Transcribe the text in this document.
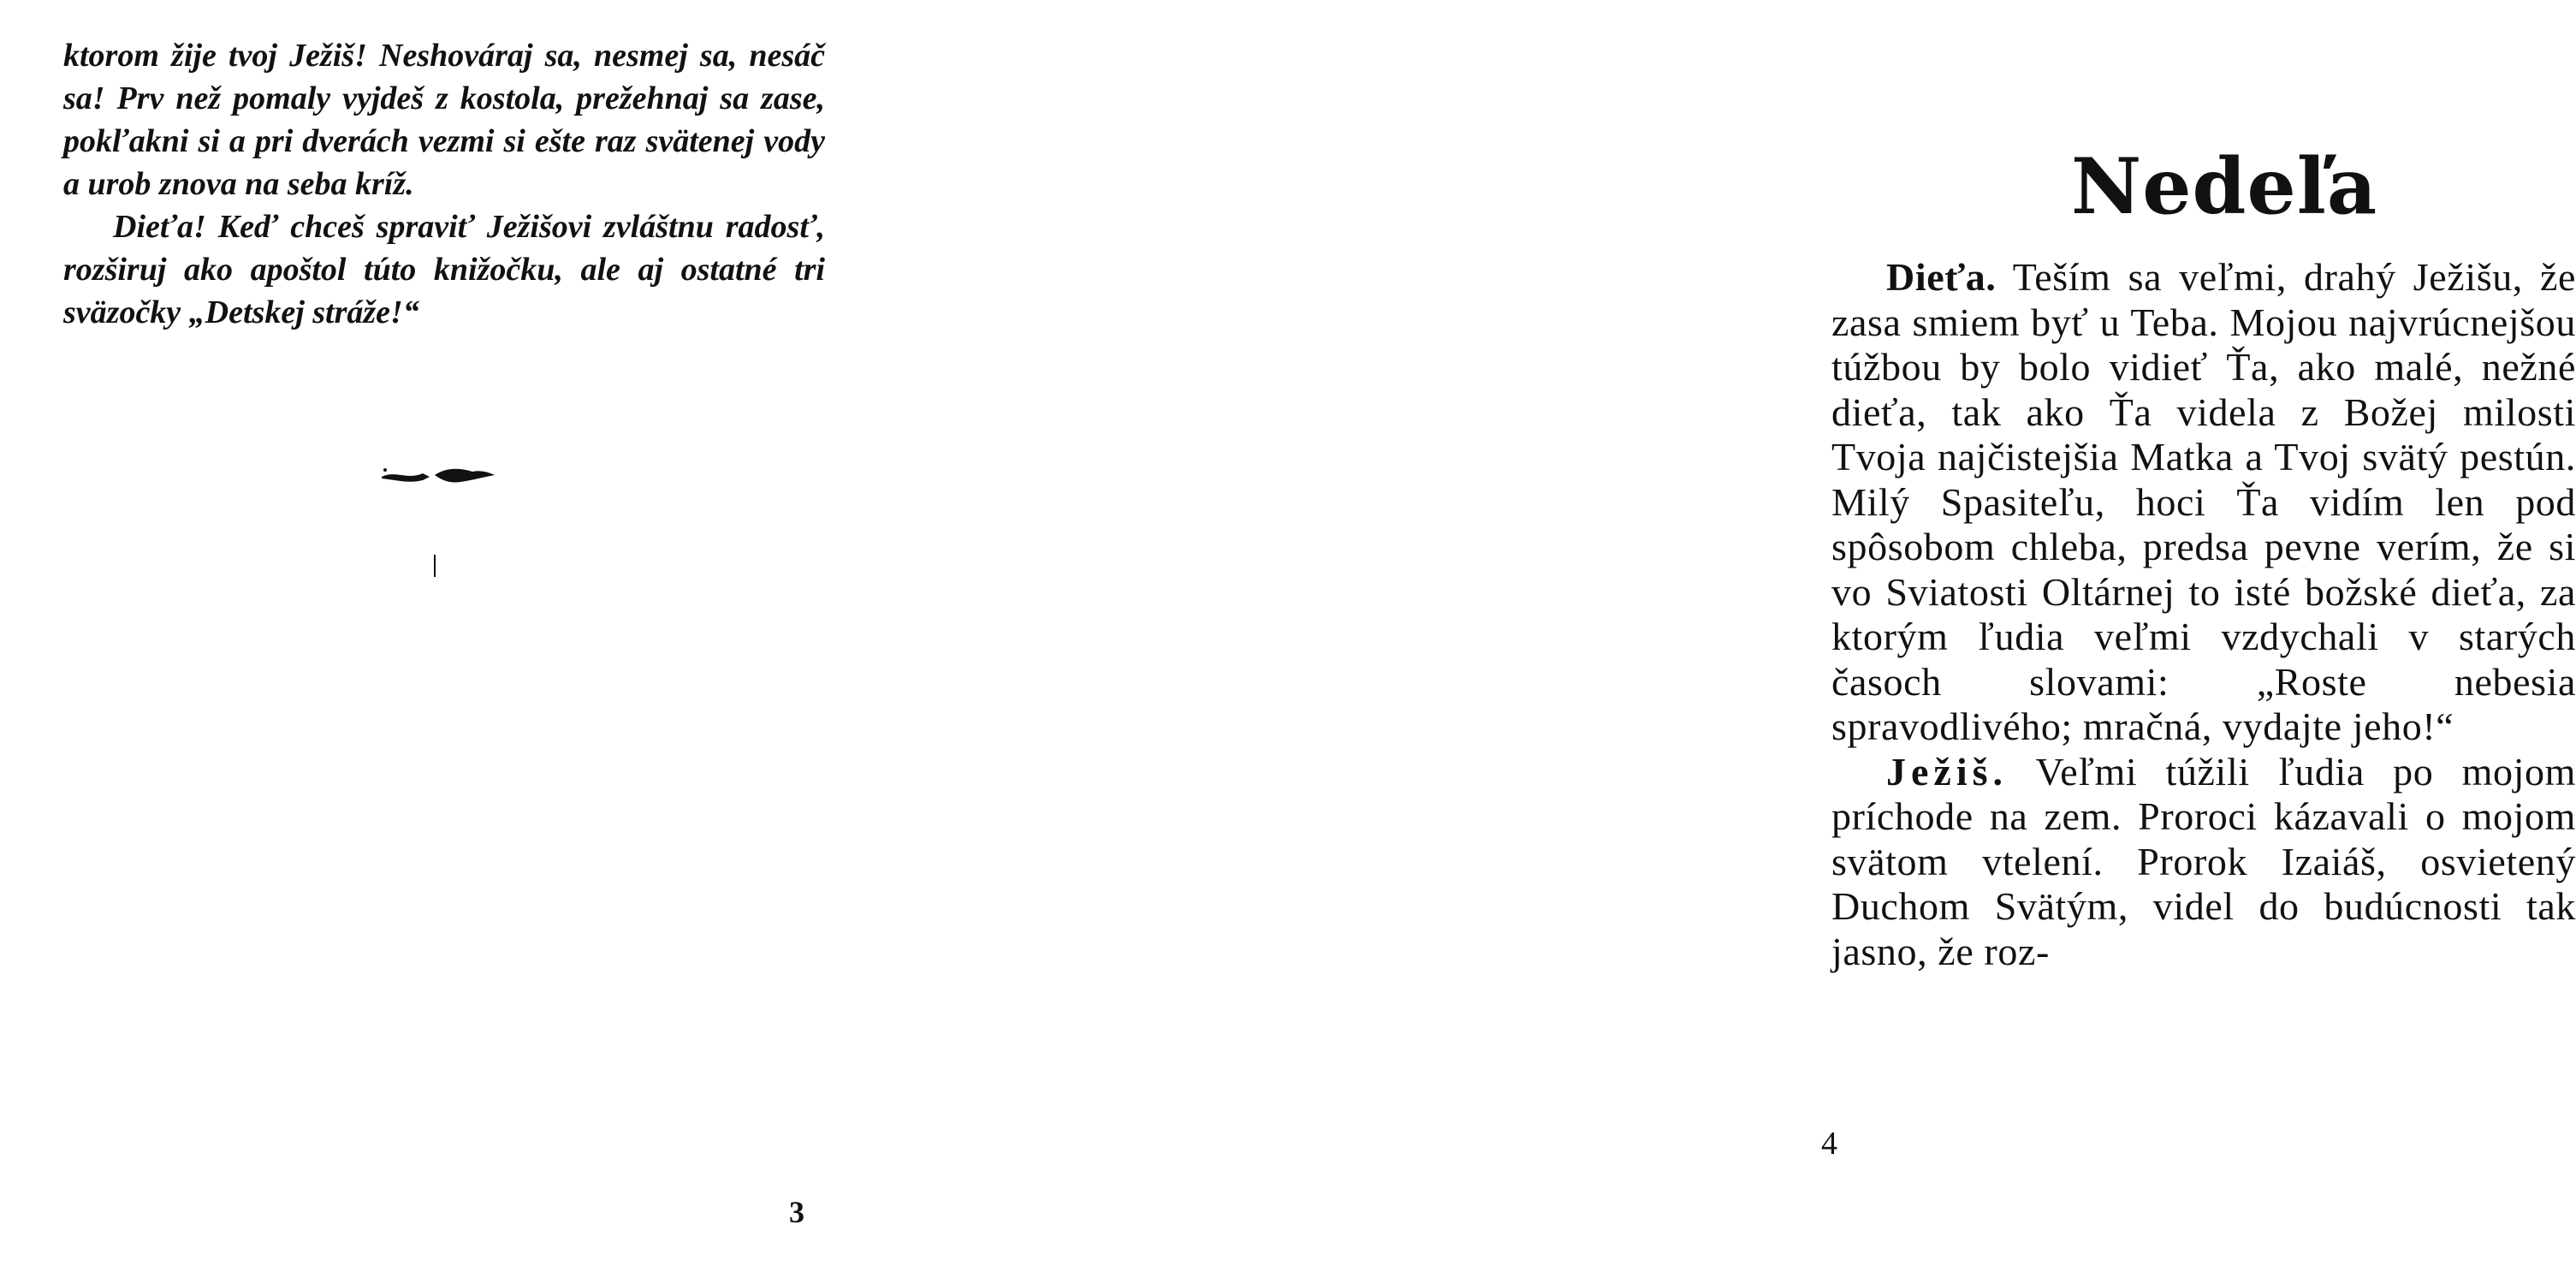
ktorom žije tvoj Ježiš! Neshováraj sa, nesmej sa, nesáč sa! Prv než pomaly vyjdeš z kostola, prežehnaj sa zase, pokľakni si a pri dverách vezmi si ešte raz svätenej vody a urob znova na seba kríž.

Dieťa! Keď chceš spraviť Ježišovi zvláštnu radosť, rozširuj ako apoštol túto knižočku, ale aj ostatné tri sväzočky „Detskej stráže!“

3
Nedeľa

Dieťa. Teším sa veľmi, drahý Ježišu, že zasa smiem byť u Teba. Mojou najvrúcnejšou túžbou by bolo vidieť Ťa, ako malé, nežné dieťa, tak ako Ťa videla z Božej milosti Tvoja najčistejšia Matka a Tvoj svätý pestún. Milý Spasiteľu, hoci Ťa vidím len pod spôsobom chleba, predsa pevne verím, že si vo Sviatosti Oltárnej to isté božské dieťa, za ktorým ľudia veľmi vzdychali v starých časoch slovami: „Roste nebesia spravodlivého; mračná, vydajte jeho!“

Ježiš. Veľmi túžili ľudia po mojom príchode na zem. Proroci kázavali o mojom svätom vtelení. Prorok Izaiáš, osvietený Duchom Svätým, videl do budúcnosti tak jasno, že roz-

4
